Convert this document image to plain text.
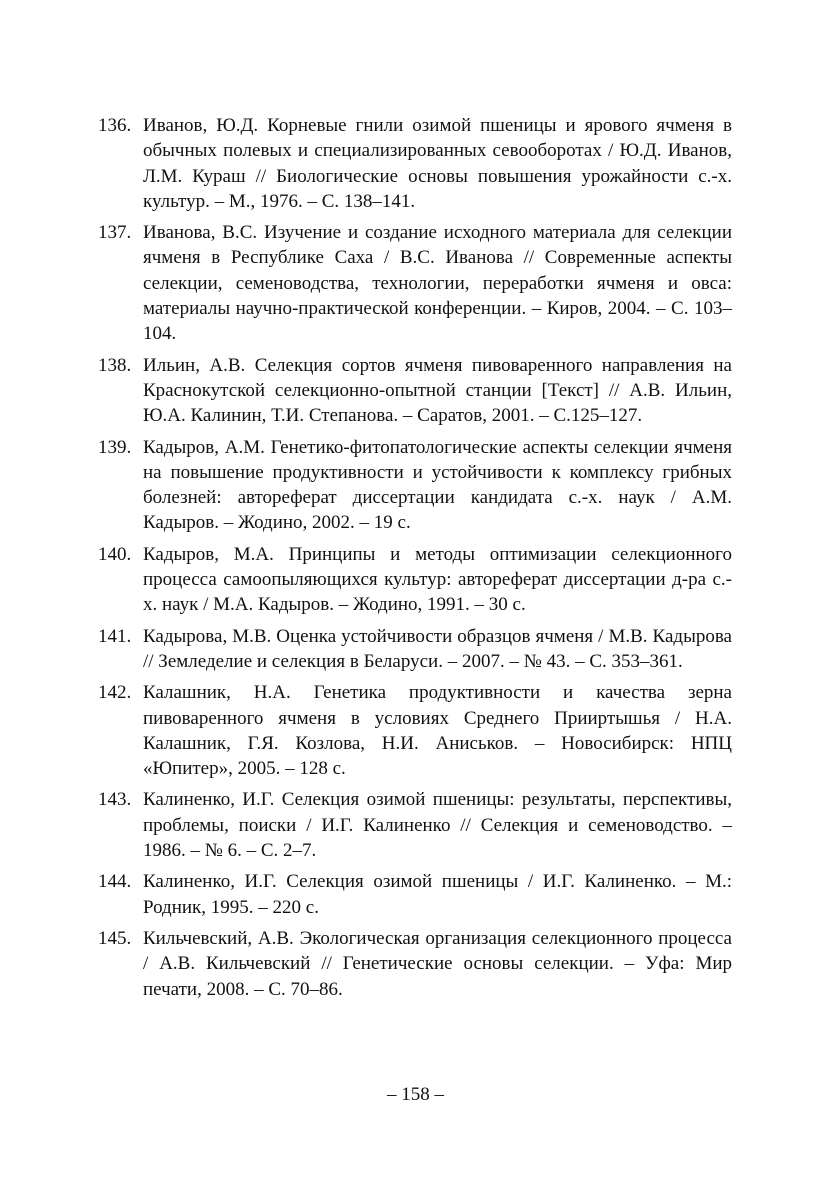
136. Иванов, Ю.Д. Корневые гнили озимой пшеницы и ярового ячменя в обычных полевых и специализированных севооборотах / Ю.Д. Иванов, Л.М. Кураш // Биологические основы повышения урожайности с.-х. культур. – М., 1976. – С. 138–141.
137. Иванова, В.С. Изучение и создание исходного материала для селекции ячменя в Республике Саха / В.С. Иванова // Современные аспекты селекции, семеноводства, технологии, переработки ячменя и овса: материалы научно-практической конференции. – Киров, 2004. – С. 103–104.
138. Ильин, А.В. Селекция сортов ячменя пивоваренного направления на Краснокутской селекционно-опытной станции [Текст] // А.В. Ильин, Ю.А. Калинин, Т.И. Степанова. – Саратов, 2001. – С.125–127.
139. Кадыров, А.М. Генетико-фитопатологические аспекты селекции ячменя на повышение продуктивности и устойчивости к комплексу грибных болезней: автореферат диссертации кандидата с.-х. наук / А.М. Кадыров. – Жодино, 2002. – 19 с.
140. Кадыров, М.А. Принципы и методы оптимизации селекционного процесса самоопыляющихся культур: автореферат диссертации д-ра с.-х. наук / М.А. Кадыров. – Жодино, 1991. – 30 с.
141. Кадырова, М.В. Оценка устойчивости образцов ячменя / М.В. Кадырова // Земледелие и селекция в Беларуси. – 2007. – № 43. – С. 353–361.
142. Калашник, Н.А. Генетика продуктивности и качества зерна пивоваренного ячменя в условиях Среднего Прииртышья / Н.А. Калашник, Г.Я. Козлова, Н.И. Аниськов. – Новосибирск: НПЦ «Юпитер», 2005. – 128 с.
143. Калиненко, И.Г. Селекция озимой пшеницы: результаты, перспективы, проблемы, поиски / И.Г. Калиненко // Селекция и семеноводство. – 1986. – № 6. – С. 2–7.
144. Калиненко, И.Г. Селекция озимой пшеницы / И.Г. Калиненко. – М.: Родник, 1995. – 220 с.
145. Кильчевский, А.В. Экологическая организация селекционного процесса / А.В. Кильчевский // Генетические основы селекции. – Уфа: Мир печати, 2008. – С. 70–86.
– 158 –
